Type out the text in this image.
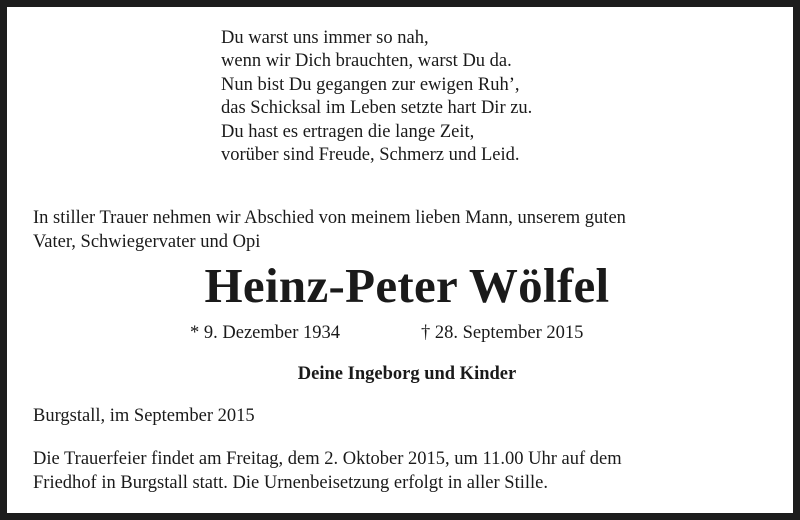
Du warst uns immer so nah,
wenn wir Dich brauchten, warst Du da.
Nun bist Du gegangen zur ewigen Ruh’,
das Schicksal im Leben setzte hart Dir zu.
Du hast es ertragen die lange Zeit,
vorüber sind Freude, Schmerz und Leid.
In stiller Trauer nehmen wir Abschied von meinem lieben Mann, unserem guten
Vater, Schwiegervater und Opi
Heinz-Peter Wölfel
* 9. Dezember 1934	† 28. September 2015
Deine Ingeborg und Kinder
Burgstall, im September 2015
Die Trauerfeier findet am Freitag, dem 2. Oktober 2015, um 11.00 Uhr auf dem
Friedhof in Burgstall statt. Die Urnenbeisetzung erfolgt in aller Stille.
